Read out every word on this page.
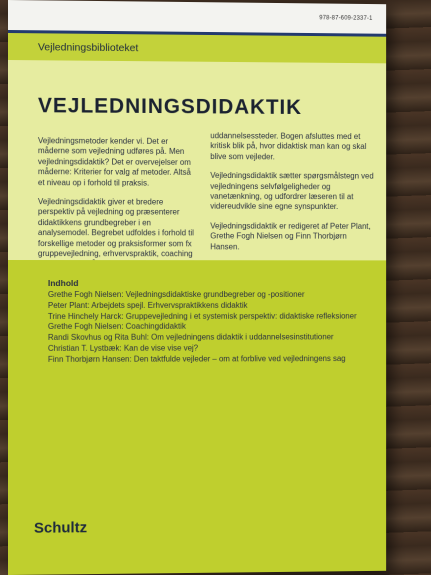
978-87-609-2337-1
Vejledningsbiblioteket
VEJLEDNINGSDIDAKTIK

Vejledningsmetoder kender vi. Det er måderne som vejledning udføres på. Men vejledningsdidaktik? Det er overvejelser om måderne: Kriterier for valg af metoder. Altså et niveau op i forhold til praksis.

Vejledningsdidaktik giver et bredere perspektiv på vejledning og præsenterer didaktikkens grundbegreber i en analysemodel. Begrebet udfoldes i forhold til forskellige metoder og praksisformer som fx gruppevejledning, erhvervspraktik, coaching

uddannelsessteder. Bogen afsluttes med et kritisk blik på, hvor didaktisk man kan og skal blive som vejleder.

Vejledningsdidaktik sætter spørgsmålstegn ved vejledningens selvfølgeligheder og vanetænkning, og udfordrer læseren til at videreudvikle sine egne synspunkter.

Vejledningsdidaktik er redigeret af Peter Plant, Grethe Fogh Nielsen og Finn Thorbjørn Hansen.

Indhold
Grethe Fogh Nielsen: Vejledningsdidaktiske grundbegreber og -positioner
Peter Plant: Arbejdets spejl. Erhvervspraktikkens didaktik
Trine Hinchely Harck: Gruppevejledning i et systemisk perspektiv: didaktiske refleksioner
Grethe Fogh Nielsen: Coachingdidaktik
Randi Skovhus og Rita Buhl: Om vejledningens didaktik i uddannelsesinstitutioner
Christian T. Lystbæk: Kan de vise vise vej?
Finn Thorbjørn Hansen: Den taktfulde vejleder – om at forblive ved vejledningens sag
Schultz
